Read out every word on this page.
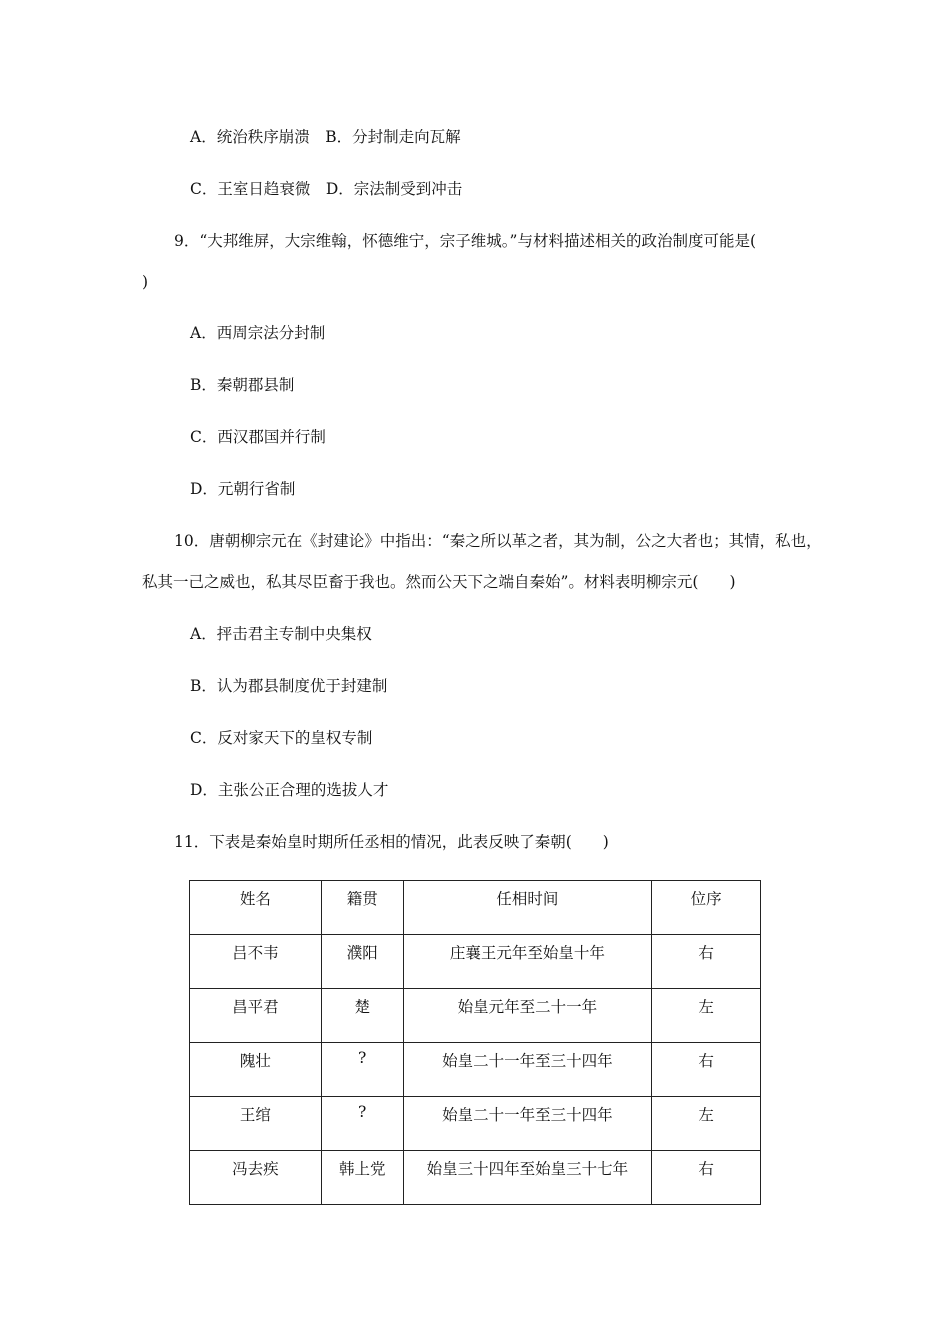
A．统治秩序崩溃　B．分封制走向瓦解
C．王室日趋衰微　D．宗法制受到冲击
9．“大邦维屏，大宗维翰，怀德维宁，宗子维城。”与材料描述相关的政治制度可能是(
)
A．西周宗法分封制
B．秦朝郡县制
C．西汉郡国并行制
D．元朝行省制
10．唐朝柳宗元在《封建论》中指出：“秦之所以革之者，其为制，公之大者也；其情，私也，
私其一己之威也，私其尽臣畜于我也。然而公天下之端自秦始”。材料表明柳宗元(　　)
A．抨击君主专制中央集权
B．认为郡县制度优于封建制
C．反对家天下的皇权专制
D．主张公正合理的选拔人才
11．下表是秦始皇时期所任丞相的情况，此表反映了秦朝(　　)
姓名	籍贯	任相时间	位序
吕不韦	濮阳	庄襄王元年至始皇十年	右
昌平君	楚	始皇元年至二十一年	左
隗壮	?	始皇二十一年至三十四年	右
王绾	?	始皇二十一年至三十四年	左
冯去疾	韩上党	始皇三十四年至始皇三十七年	右
